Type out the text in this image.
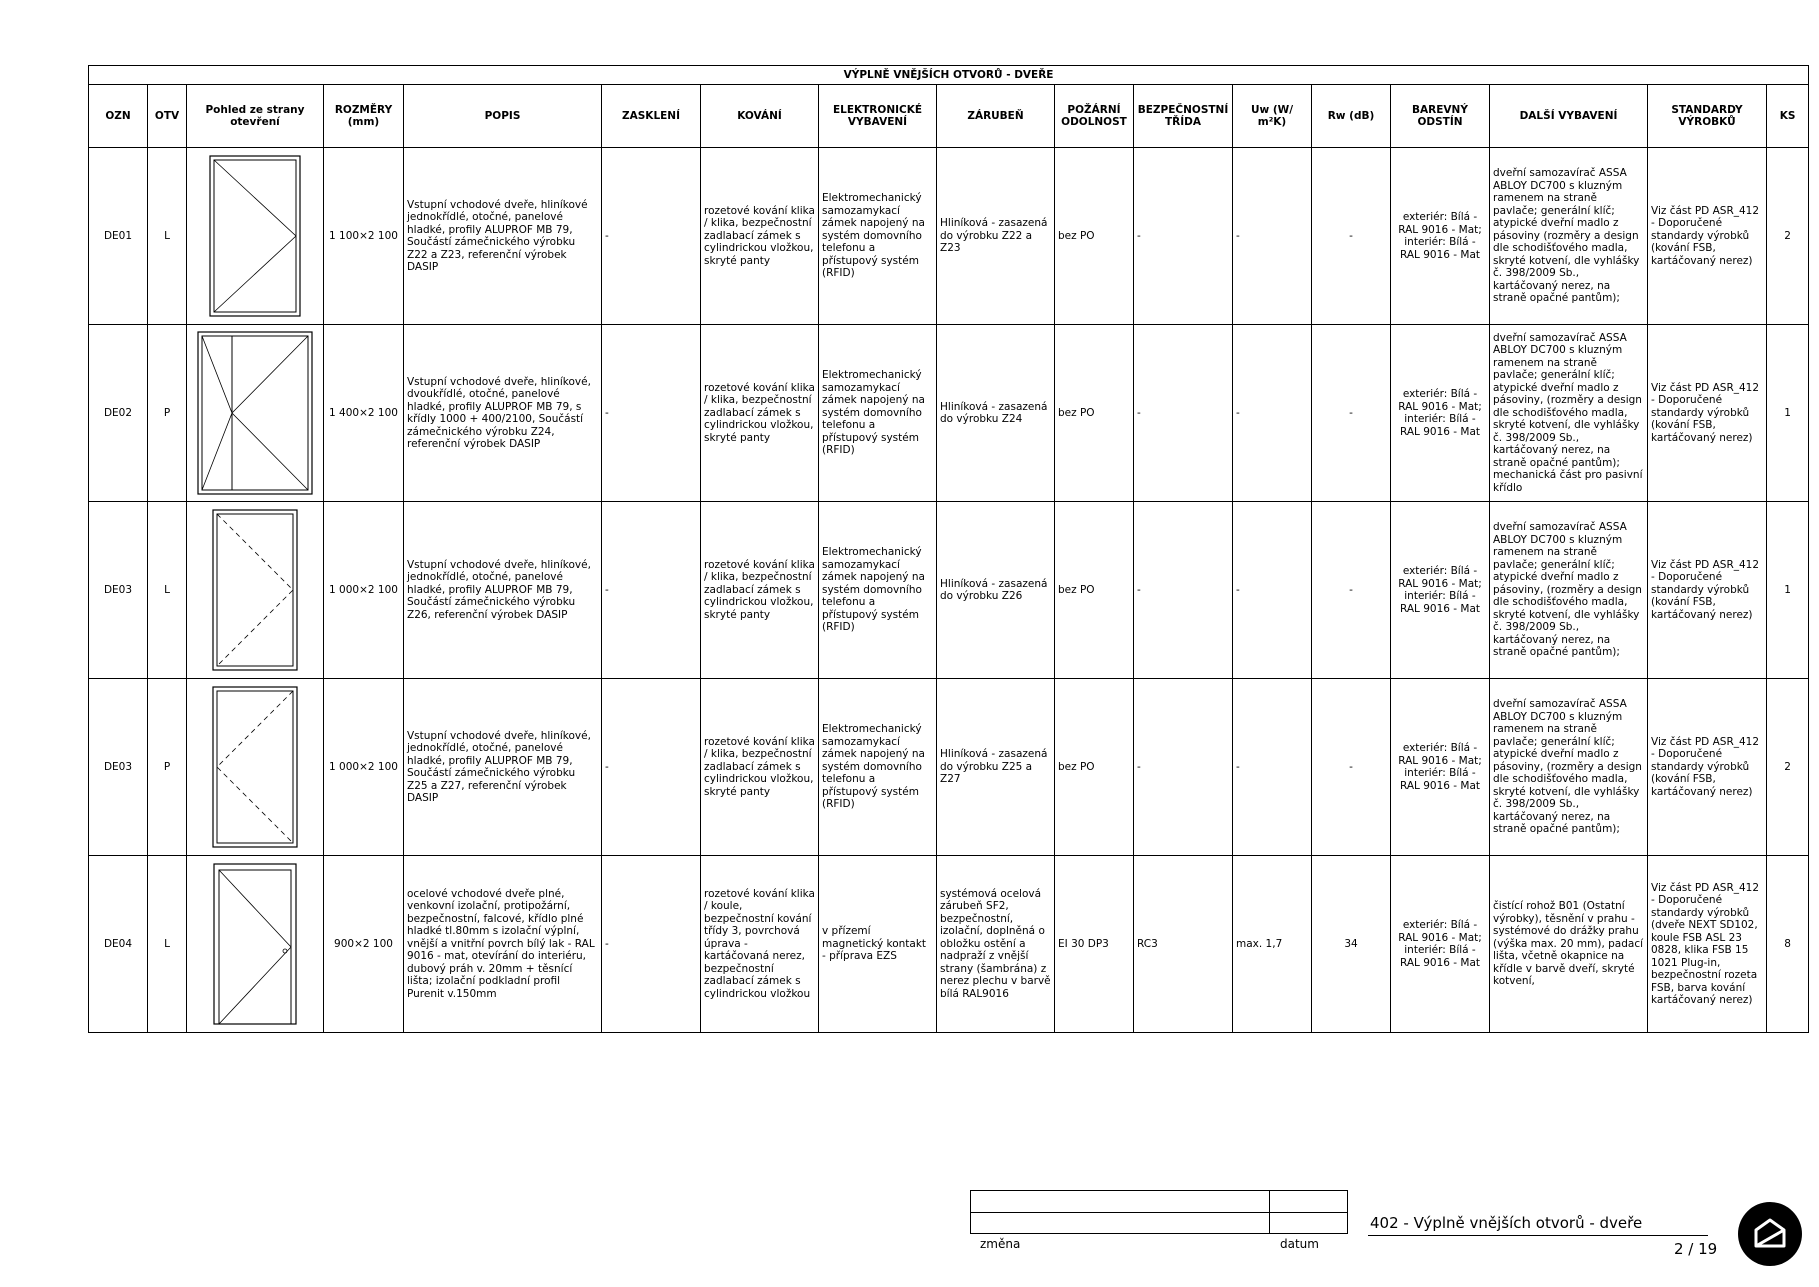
VÝPLNĚ VNĚJŠÍCH OTVORŮ - DVEŘE																
OZN	OTV	Pohled ze strany otevření	ROZMĚRY (mm)	POPIS	ZASKLENÍ	KOVÁNÍ	ELEKTRONICKÉ VYBAVENÍ	ZÁRUBEŇ	POŽÁRNÍ ODOLNOST	BEZPEČNOSTNÍ TŘÍDA	Uw (W/ m²K)	Rw (dB)	BAREVNÝ ODSTÍN	DALŠÍ VYBAVENÍ	STANDARDY VÝROBKŮ	KS
DE01	L		1 100×2 100	Vstupní vchodové dveře, hliníkové jednokřídlé, otočné, panelové hladké, profily ALUPROF MB 79, Součástí zámečnického výrobku Z22 a Z23, referenční výrobek DASIP	-	rozetové kování klika / klika, bezpečnostní zadlabací zámek s cylindrickou vložkou, skryté panty	Elektromechanický samozamykací zámek napojený na systém domovního telefonu a přístupový systém (RFID)	Hliníková - zasazená do výrobku Z22 a Z23	bez PO	-	-	-	exteriér: Bílá - RAL 9016 - Mat; interiér: Bílá - RAL 9016 - Mat	dveřní samozavírač ASSA ABLOY DC700 s kluzným ramenem na straně pavlače; generální klíč; atypické dveřní madlo z pásoviny (rozměry a design dle schodišťového madla, skryté kotvení, dle vyhlášky č. 398/2009 Sb., kartáčovaný nerez, na straně opačné pantům);	Viz část PD ASR_412 - Doporučené standardy výrobků (kování FSB, kartáčovaný nerez)	2
DE02	P		1 400×2 100	Vstupní vchodové dveře, hliníkové, dvoukřídlé, otočné, panelové hladké, profily ALUPROF MB 79, s křídly 1000 + 400/2100, Součástí zámečnického výrobku Z24, referenční výrobek DASIP	-	rozetové kování klika / klika, bezpečnostní zadlabací zámek s cylindrickou vložkou, skryté panty	Elektromechanický samozamykací zámek napojený na systém domovního telefonu a přístupový systém (RFID)	Hliníková - zasazená do výrobku Z24	bez PO	-	-	-	exteriér: Bílá - RAL 9016 - Mat; interiér: Bílá - RAL 9016 - Mat	dveřní samozavírač ASSA ABLOY DC700 s kluzným ramenem na straně pavlače; generální klíč; atypické dveřní madlo z pásoviny, (rozměry a design dle schodišťového madla, skryté kotvení, dle vyhlášky č. 398/2009 Sb., kartáčovaný nerez, na straně opačné pantům); mechanická část pro pasivní křídlo	Viz část PD ASR_412 - Doporučené standardy výrobků (kování FSB, kartáčovaný nerez)	1
DE03	L		1 000×2 100	Vstupní vchodové dveře, hliníkové, jednokřídlé, otočné, panelové hladké, profily ALUPROF MB 79, Součástí zámečnického výrobku Z26, referenční výrobek DASIP	-	rozetové kování klika / klika, bezpečnostní zadlabací zámek s cylindrickou vložkou, skryté panty	Elektromechanický samozamykací zámek napojený na systém domovního telefonu a přístupový systém (RFID)	Hliníková - zasazená do výrobku Z26	bez PO	-	-	-	exteriér: Bílá - RAL 9016 - Mat; interiér: Bílá - RAL 9016 - Mat	dveřní samozavírač ASSA ABLOY DC700 s kluzným ramenem na straně pavlače; generální klíč; atypické dveřní madlo z pásoviny, (rozměry a design dle schodišťového madla, skryté kotvení, dle vyhlášky č. 398/2009 Sb., kartáčovaný nerez, na straně opačné pantům);	Viz část PD ASR_412 - Doporučené standardy výrobků (kování FSB, kartáčovaný nerez)	1
DE03	P		1 000×2 100	Vstupní vchodové dveře, hliníkové, jednokřídlé, otočné, panelové hladké, profily ALUPROF MB 79, Součástí zámečnického výrobku Z25 a Z27, referenční výrobek DASIP	-	rozetové kování klika / klika, bezpečnostní zadlabací zámek s cylindrickou vložkou, skryté panty	Elektromechanický samozamykací zámek napojený na systém domovního telefonu a přístupový systém (RFID)	Hliníková - zasazená do výrobku Z25 a Z27	bez PO	-	-	-	exteriér: Bílá - RAL 9016 - Mat; interiér: Bílá - RAL 9016 - Mat	dveřní samozavírač ASSA ABLOY DC700 s kluzným ramenem na straně pavlače; generální klíč; atypické dveřní madlo z pásoviny, (rozměry a design dle schodišťového madla, skryté kotvení, dle vyhlášky č. 398/2009 Sb., kartáčovaný nerez, na straně opačné pantům);	Viz část PD ASR_412 - Doporučené standardy výrobků (kování FSB, kartáčovaný nerez)	2
DE04	L		900×2 100	ocelové vchodové dveře plné, venkovní izolační, protipožární, bezpečnostní, falcové, křídlo plné hladké tl.80mm s izolační výplní, vnější a vnitřní povrch bílý lak - RAL 9016 - mat, otevírání do interiéru, dubový práh v. 20mm + těsnící lišta; izolační podkladní profil Purenit v.150mm	-	rozetové kování klika / koule, bezpečnostní kování třídy 3, povrchová úprava - kartáčovaná nerez, bezpečnostní zadlabací zámek s cylindrickou vložkou	v přízemí magnetický kontakt - příprava EZS	systémová ocelová zárubeň SF2, bezpečnostní, izolační, doplněná o obložku ostění a nadpraží z vnější strany (šambrána) z nerez plechu v barvě bílá RAL9016	EI 30 DP3	RC3	max. 1,7	34	exteriér: Bílá - RAL 9016 - Mat; interiér: Bílá - RAL 9016 - Mat	čistící rohož B01 (Ostatní výrobky), těsnění v prahu - systémové do drážky prahu (výška max. 20 mm), padací lišta, včetně okapnice na křídle v barvě dveří, skryté kotvení,	Viz část PD ASR_412 - Doporučené standardy výrobků (dveře NEXT SD102, koule FSB ASL 23 0828, klika FSB 15 1021 Plug-in, bezpečnostní rozeta FSB, barva kování kartáčovaný nerez)	8
změna	datum
402 - Výplně vnějších otvorů - dveře
2 / 19
